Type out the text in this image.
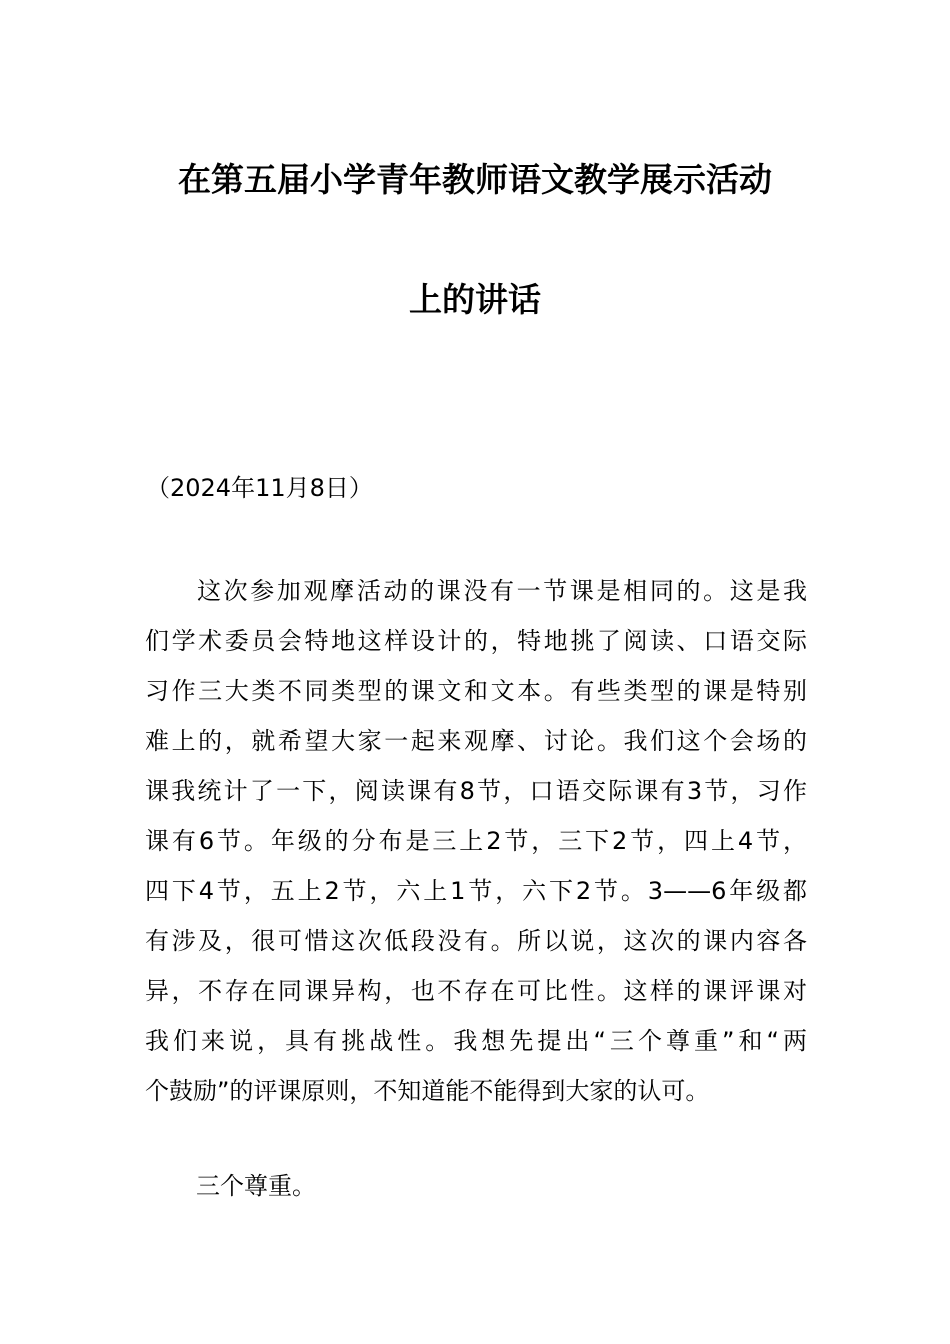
在第五届小学青年教师语文教学展示活动
上的讲话

（2024年11月8日）

这次参加观摩活动的课没有一节课是相同的。这是我
们学术委员会特地这样设计的，特地挑了阅读、口语交际
习作三大类不同类型的课文和文本。有些类型的课是特别
难上的，就希望大家一起来观摩、讨论。我们这个会场的
课我统计了一下，阅读课有8节，口语交际课有3节，习作
课有6节。年级的分布是三上2节，三下2节，四上4节，
四下4节，五上2节，六上1节，六下2节。3——6年级都
有涉及，很可惜这次低段没有。所以说，这次的课内容各
异，不存在同课异构，也不存在可比性。这样的课评课对
我们来说，具有挑战性。我想先提出“三个尊重”和“两
个鼓励”的评课原则，不知道能不能得到大家的认可。

三个尊重。
